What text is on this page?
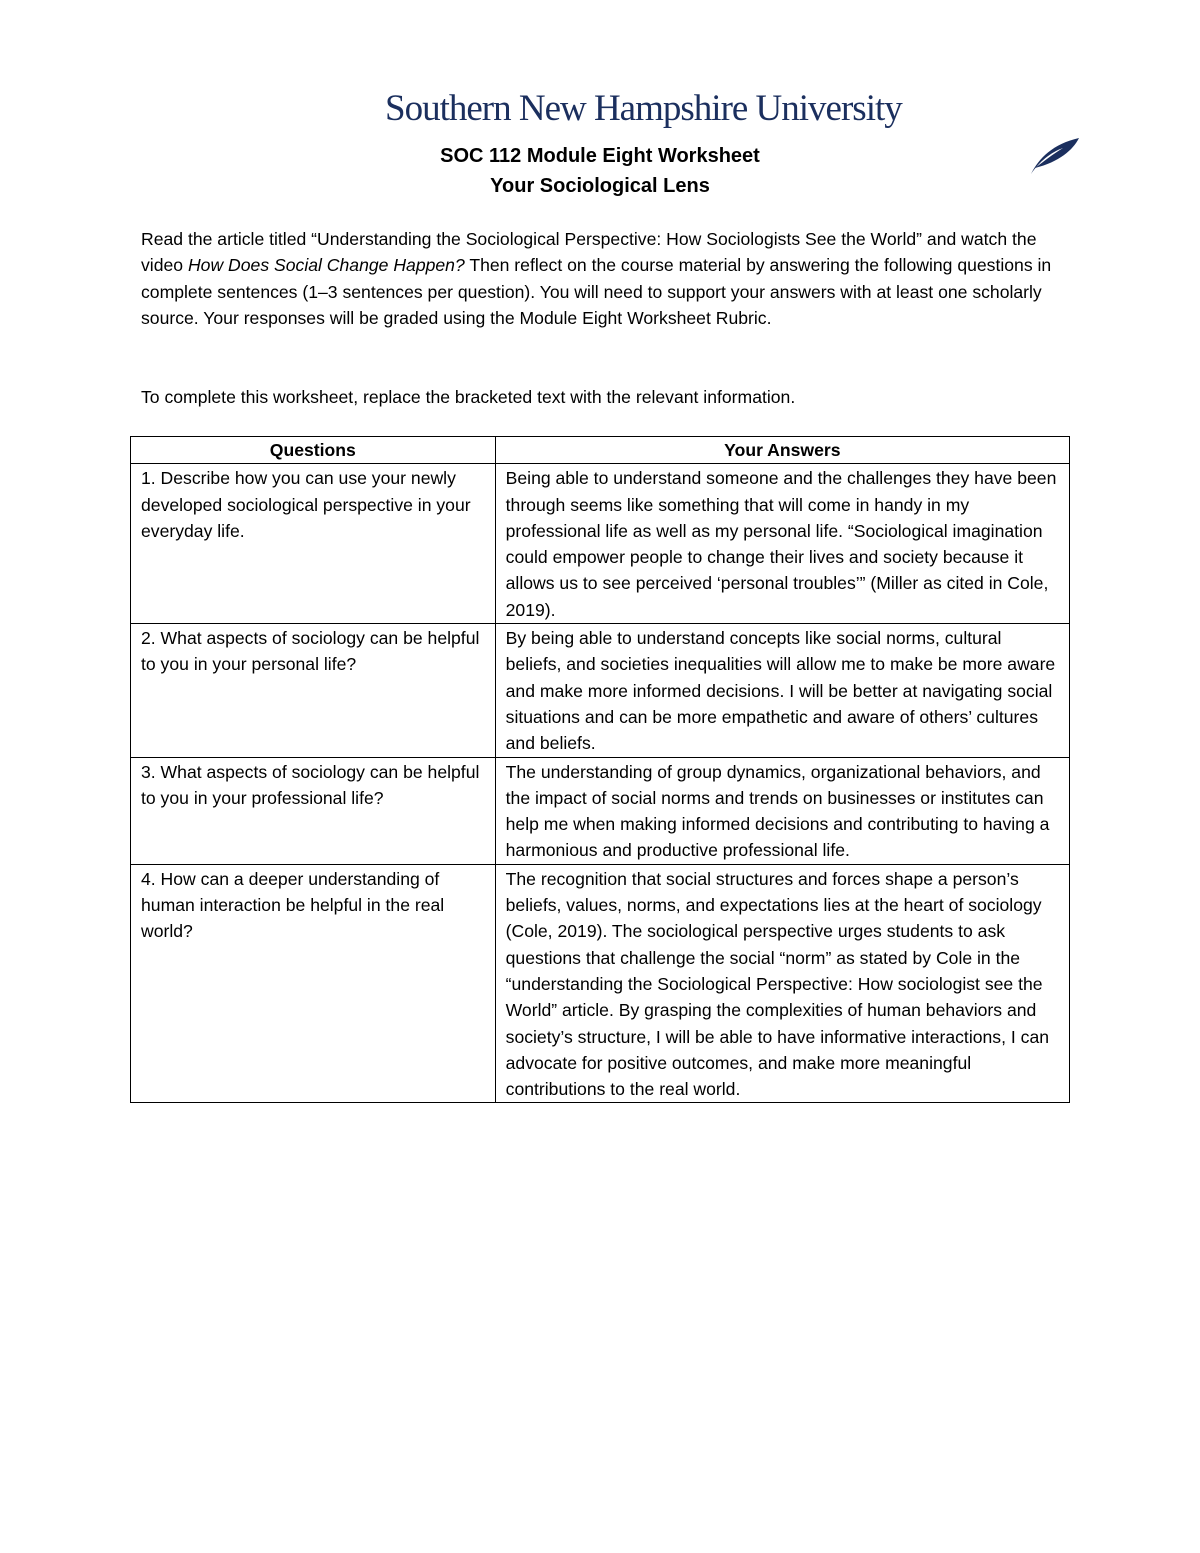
Southern New Hampshire University
SOC 112 Module Eight Worksheet
Your Sociological Lens
Read the article titled “Understanding the Sociological Perspective: How Sociologists See the World” and watch the video How Does Social Change Happen? Then reflect on the course material by answering the following questions in complete sentences (1–3 sentences per question). You will need to support your answers with at least one scholarly source. Your responses will be graded using the Module Eight Worksheet Rubric.
To complete this worksheet, replace the bracketed text with the relevant information.
Questions	Your Answers
1. Describe how you can use your newly developed sociological perspective in your everyday life.	Being able to understand someone and the challenges they have been through seems like something that will come in handy in my professional life as well as my personal life. “Sociological imagination could empower people to change their lives and society because it allows us to see perceived ‘personal troubles’” (Miller as cited in Cole, 2019).
2. What aspects of sociology can be helpful to you in your personal life?	By being able to understand concepts like social norms, cultural beliefs, and societies inequalities will allow me to make be more aware and make more informed decisions. I will be better at navigating social situations and can be more empathetic and aware of others’ cultures and beliefs.
3. What aspects of sociology can be helpful to you in your professional life?	The understanding of group dynamics, organizational behaviors, and the impact of social norms and trends on businesses or institutes can help me when making informed decisions and contributing to having a harmonious and productive professional life.
4. How can a deeper understanding of human interaction be helpful in the real world?	The recognition that social structures and forces shape a person’s beliefs, values, norms, and expectations lies at the heart of sociology (Cole, 2019). The sociological perspective urges students to ask questions that challenge the social “norm” as stated by Cole in the “understanding the Sociological Perspective: How sociologist see the World” article. By grasping the complexities of human behaviors and society’s structure, I will be able to have informative interactions, I can advocate for positive outcomes, and make more meaningful contributions to the real world.
